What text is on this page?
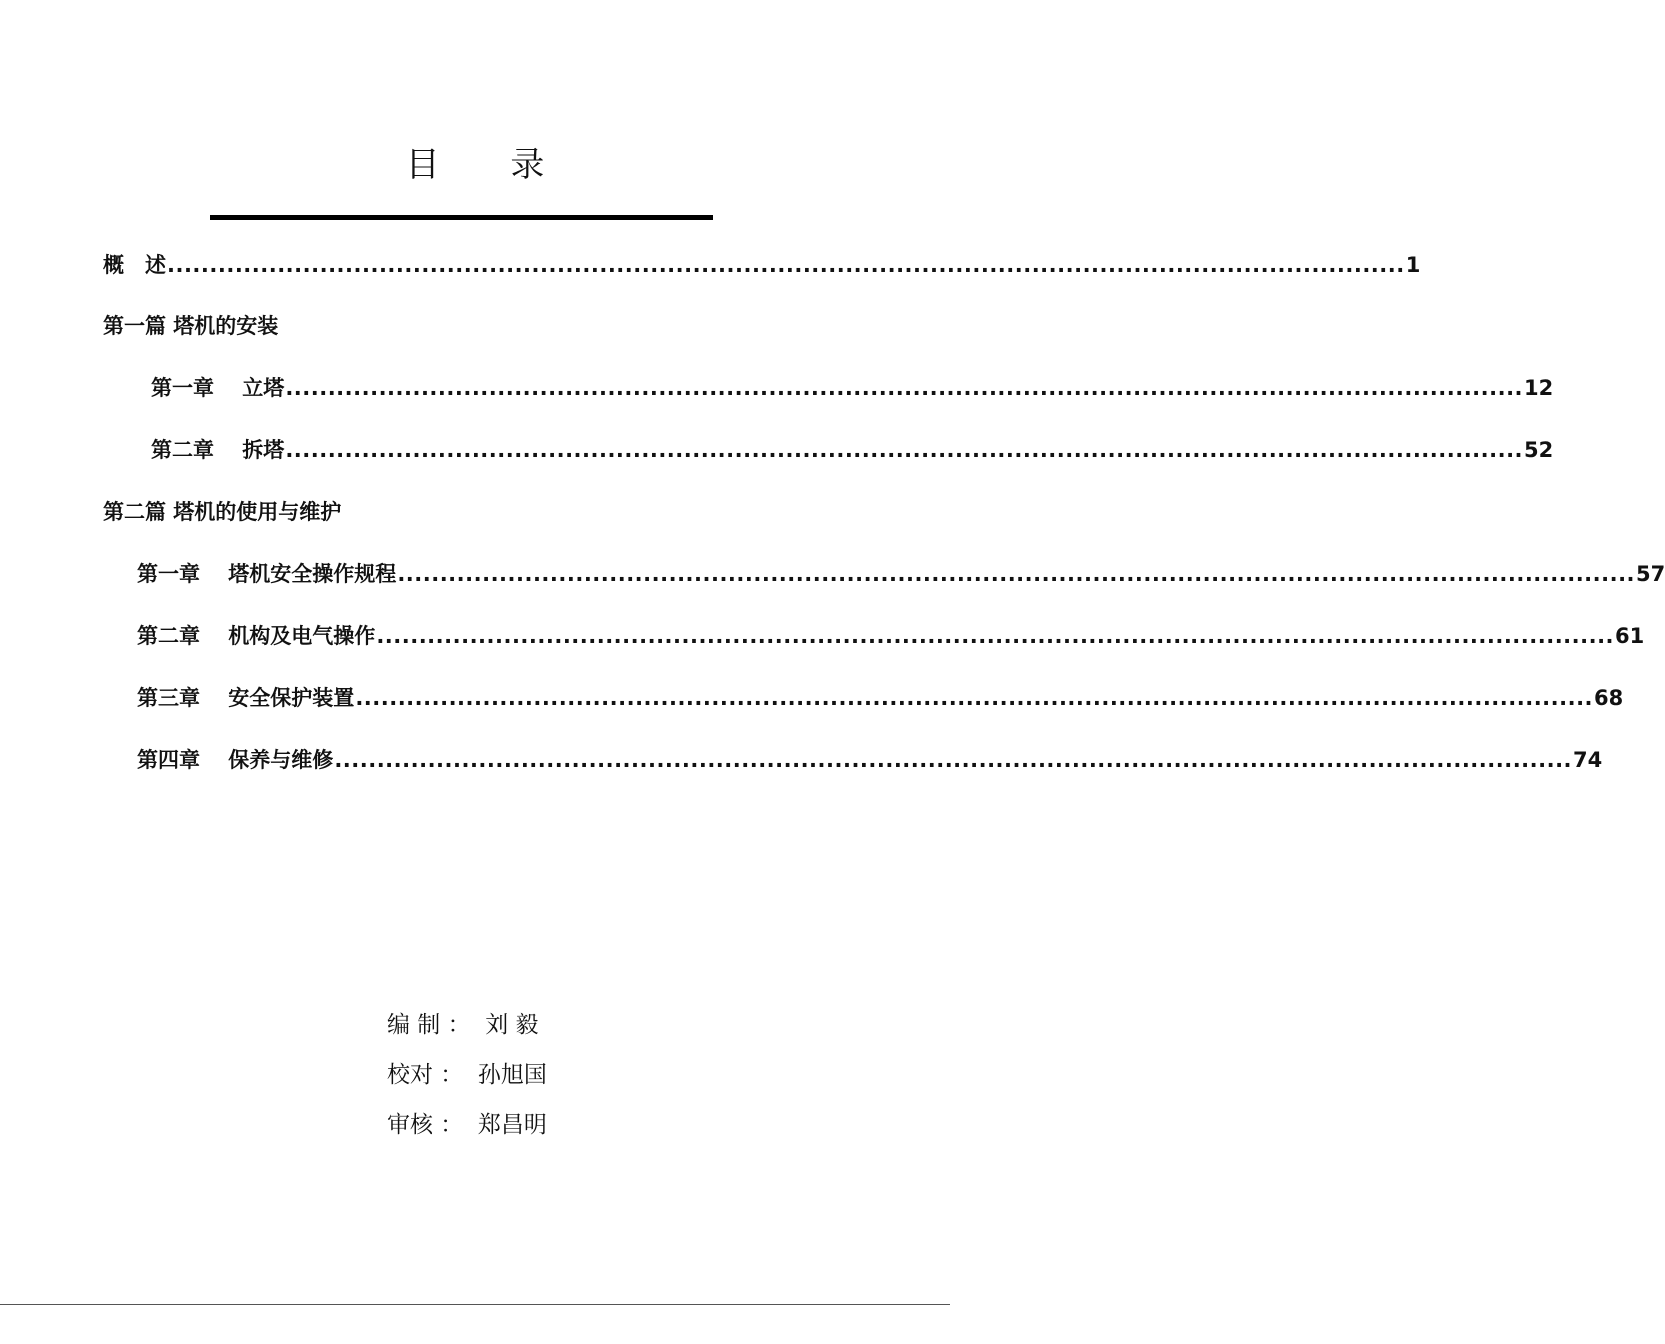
目 录
概　述 .................................................................................................................................................. 1
第一篇 塔机的安装
第一章　 立塔 .................................................................................................................................................. 12
第二章　 拆塔 .................................................................................................................................................. 52
第二篇 塔机的使用与维护
第一章　 塔机安全操作规程 .................................................................................................................................................. 57
第二章　 机构及电气操作 .................................................................................................................................................. 61
第三章　 安全保护装置 .................................................................................................................................................. 68
第四章　 保养与维修 .................................................................................................................................................. 74
编 制 ：  刘 毅
校对 ：  孙旭国
审核 ：  郑昌明
